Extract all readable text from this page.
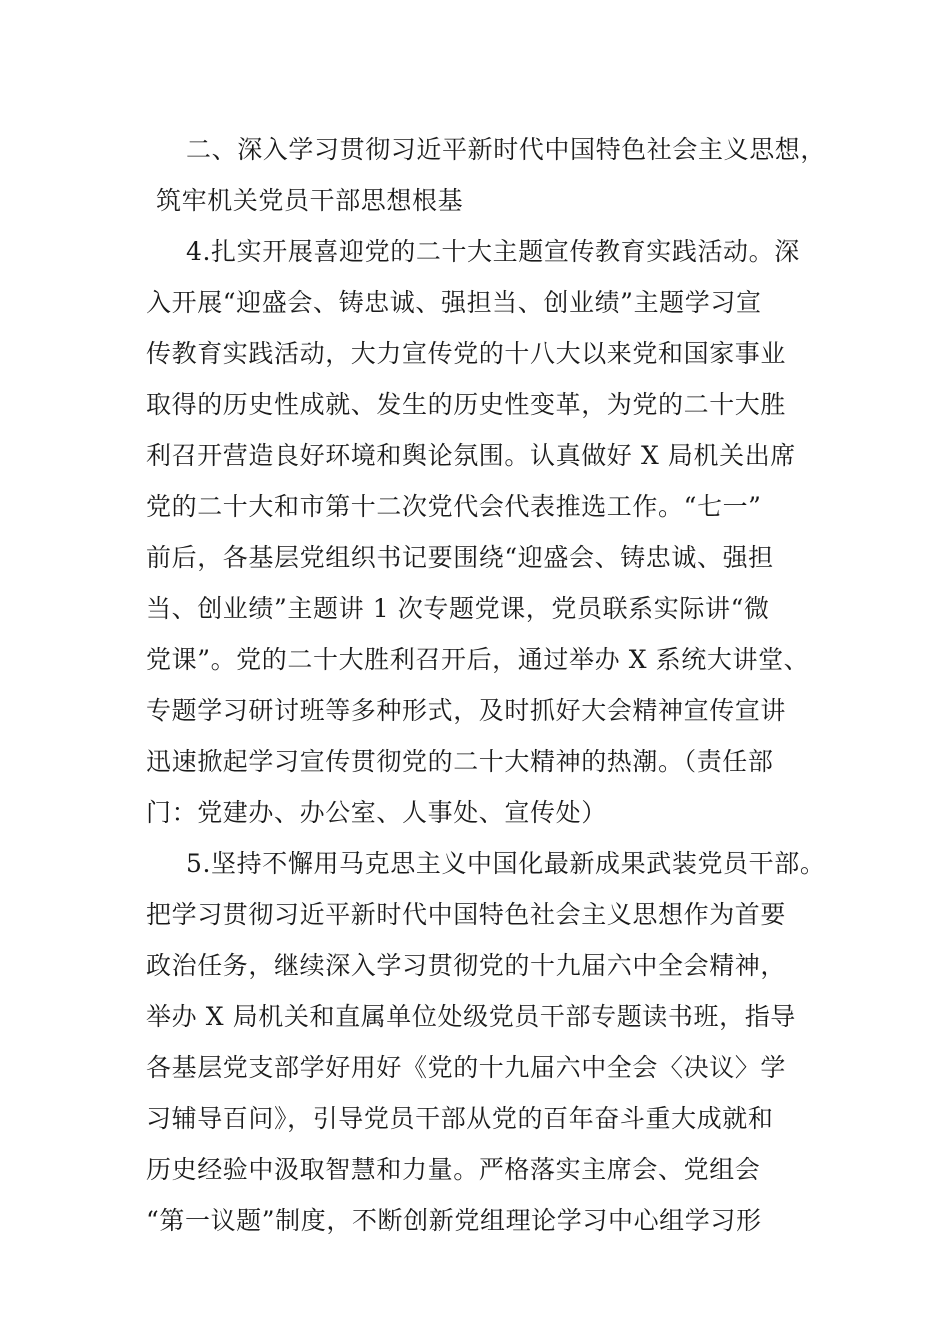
二、深入学习贯彻习近平新时代中国特色社会主义思想，
筑牢机关党员干部思想根基
4.扎实开展喜迎党的二十大主题宣传教育实践活动。深
入开展“迎盛会、铸忠诚、强担当、创业绩”主题学习宣
传教育实践活动，大力宣传党的十八大以来党和国家事业
取得的历史性成就、发生的历史性变革，为党的二十大胜
利召开营造良好环境和舆论氛围。认真做好 X 局机关出席
党的二十大和市第十二次党代会代表推选工作。“七一”
前后，各基层党组织书记要围绕“迎盛会、铸忠诚、强担
当、创业绩”主题讲 1 次专题党课，党员联系实际讲“微
党课”。党的二十大胜利召开后，通过举办 X 系统大讲堂、
专题学习研讨班等多种形式，及时抓好大会精神宣传宣讲
迅速掀起学习宣传贯彻党的二十大精神的热潮。（责任部
门：党建办、办公室、人事处、宣传处）
5.坚持不懈用马克思主义中国化最新成果武装党员干部。
把学习贯彻习近平新时代中国特色社会主义思想作为首要
政治任务，继续深入学习贯彻党的十九届六中全会精神，
举办 X 局机关和直属单位处级党员干部专题读书班，指导
各基层党支部学好用好《党的十九届六中全会〈决议〉学
习辅导百问》，引导党员干部从党的百年奋斗重大成就和
历史经验中汲取智慧和力量。严格落实主席会、党组会
“第一议题”制度，不断创新党组理论学习中心组学习形
